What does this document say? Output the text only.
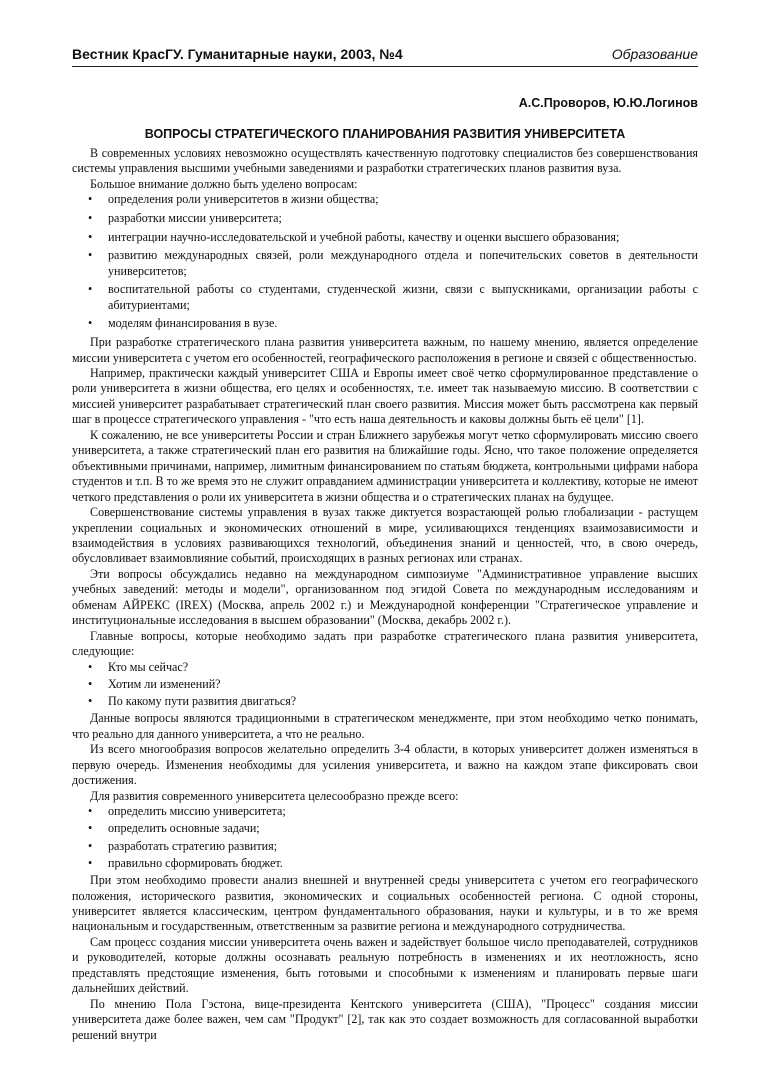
Вестник КрасГУ. Гуманитарные науки, 2003, №4	Образование
А.С.Проворов, Ю.Ю.Логинов
ВОПРОСЫ СТРАТЕГИЧЕСКОГО ПЛАНИРОВАНИЯ РАЗВИТИЯ УНИВЕРСИТЕТА

В современных условиях невозможно осуществлять качественную подготовку специалистов без совершенствования системы управления высшими учебными заведениями и разработки стратегических планов развития вуза.

Большое внимание должно быть уделено вопросам:

• определения роли университетов в жизни общества;
• разработки миссии университета;
• интеграции научно-исследовательской и учебной работы, качеству и оценки высшего образования;
• развитию международных связей, роли международного отдела и попечительских советов в деятельности университетов;
• воспитательной работы со студентами, студенческой жизни, связи с выпускниками, организации работы с абитуриентами;
• моделям финансирования в вузе.

При разработке стратегического плана развития университета важным, по нашему мнению, является определение миссии университета с учетом его особенностей, географического расположения в регионе и связей с общественностью.

Например, практически каждый университет США и Европы имеет своё четко сформулированное представление о роли университета в жизни общества, его целях и особенностях, т.е. имеет так называемую миссию. В соответствии с миссией университет разрабатывает стратегический план своего развития. Миссия может быть рассмотрена как первый шаг в процессе стратегического управления - "что есть наша деятельность и каковы должны быть её цели" [1].

К сожалению, не все университеты России и стран Ближнего зарубежья могут четко сформулировать миссию своего университета, а также стратегический план его развития на ближайшие годы. Ясно, что такое положение определяется объективными причинами, например, лимитным финансированием по статьям бюджета, контрольными цифрами набора студентов и т.п. В то же время это не служит оправданием администрации университета и коллективу, которые не имеют четкого представления о роли их университета в жизни общества и о стратегических планах на будущее.

Совершенствование системы управления в вузах также диктуется возрастающей ролью глобализации - растущем укреплении социальных и экономических отношений в мире, усиливающихся тенденциях взаимозависимости и взаимодействия в условиях развивающихся технологий, объединения знаний и ценностей, что, в свою очередь, обусловливает взаимовлияние событий, происходящих в разных регионах или странах.

Эти вопросы обсуждались недавно на международном симпозиуме "Административное управление высших учебных заведений: методы и модели", организованном под эгидой Совета по международным исследованиям и обменам АЙРЕКС (IREX) (Москва, апрель 2002 г.) и Международной конференции "Стратегическое управление и институциональные исследования в высшем образовании" (Москва, декабрь 2002 г.).

Главные вопросы, которые необходимо задать при разработке стратегического плана развития университета, следующие:

• Кто мы сейчас?
• Хотим ли изменений?
• По какому пути развития двигаться?

Данные вопросы являются традиционными в стратегическом менеджменте, при этом необходимо четко понимать, что реально для данного университета, а что не реально.

Из всего многообразия вопросов желательно определить 3-4 области, в которых университет должен изменяться в первую очередь. Изменения необходимы для усиления университета, и важно на каждом этапе фиксировать свои достижения.

Для развития современного университета целесообразно прежде всего:

• определить миссию университета;
• определить основные задачи;
• разработать стратегию развития;
• правильно сформировать бюджет.

При этом необходимо провести анализ внешней и внутренней среды университета с учетом его географического положения, исторического развития, экономических и социальных особенностей региона. С одной стороны, университет является классическим, центром фундаментального образования, науки и культуры, и в то же время национальным и государственным, ответственным за развитие региона и международного сотрудничества.

Сам процесс создания миссии университета очень важен и задействует большое число преподавателей, сотрудников и руководителей, которые должны осознавать реальную потребность в изменениях и их неотложность, ясно представлять предстоящие изменения, быть готовыми и способными к изменениям и планировать первые шаги дальнейших действий.

По мнению Пола Гэстона, вице-президента Кентского университета (США), "Процесс" создания миссии университета даже более важен, чем сам "Продукт" [2], так как это создает возможность для согласованной выработки решений внутри
